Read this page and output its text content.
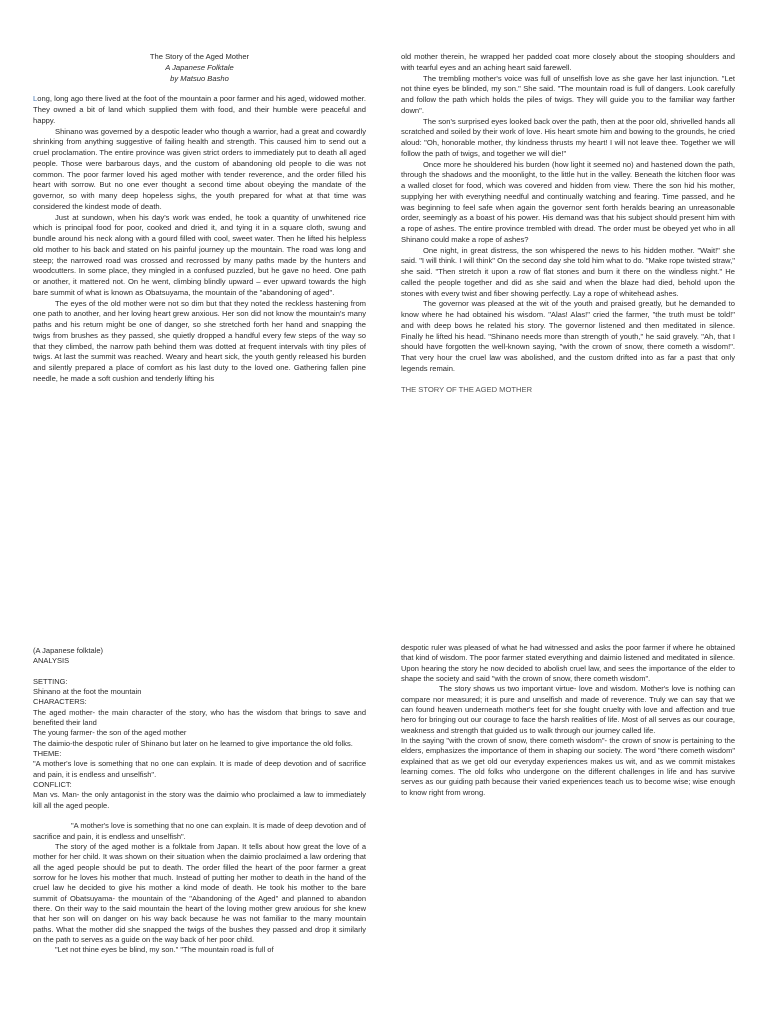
The Story of the Aged Mother

A Japanese Folktale

by Matsuo Basho

Long, long ago there lived at the foot of the mountain a poor farmer and his aged, widowed mother. They owned a bit of land which supplied them with food, and their humble were peaceful and happy.

Shinano was governed by a despotic leader who though a warrior, had a great and cowardly shrinking from anything suggestive of failing health and strength. This caused him to send out a cruel proclamation. The entire province was given strict orders to immediately put to death all aged people. Those were barbarous days, and the custom of abandoning old people to die was not common. The poor farmer loved his aged mother with tender reverence, and the order filled his heart with sorrow. But no one ever thought a second time about obeying the mandate of the governor, so with many deep hopeless sighs, the youth prepared for what at that time was considered the kindest mode of death.

Just at sundown, when his day's work was ended, he took a quantity of unwhitened rice which is principal food for poor, cooked and dried it, and tying it in a square cloth, swung and bundle around his neck along with a gourd filled with cool, sweet water. Then he lifted his helpless old mother to his back and stated on his painful journey up the mountain. The road was long and steep; the narrowed road was crossed and recrossed by many paths made by the hunters and woodcutters. In some place, they mingled in a confused puzzled, but he gave no heed. One path or another, it mattered not. On he went, climbing blindly upward – ever upward towards the high bare summit of what is known as Obatsuyama, the mountain of the "abandoning of aged".

The eyes of the old mother were not so dim but that they noted the reckless hastening from one path to another, and her loving heart grew anxious. Her son did not know the mountain's many paths and his return might be one of danger, so she stretched forth her hand and snapping the twigs from brushes as they passed, she quietly dropped a handful every few steps of the way so that they climbed, the narrow path behind them was dotted at frequent intervals with tiny piles of twigs. At last the summit was reached. Weary and heart sick, the youth gently released his burden and silently prepared a place of comfort as his last duty to the loved one. Gathering fallen pine needle, he made a soft cushion and tenderly lifting his

old mother therein, he wrapped her padded coat more closely about the stooping shoulders and with tearful eyes and an aching heart said farewell.

The trembling mother's voice was full of unselfish love as she gave her last injunction. "Let not thine eyes be blinded, my son." She said. "The mountain road is full of dangers. Look carefully and follow the path which holds the piles of twigs. They will guide you to the familiar way farther down".

The son's surprised eyes looked back over the path, then at the poor old, shrivelled hands all scratched and soiled by their work of love. His heart smote him and bowing to the grounds, he cried aloud: "Oh, honorable mother, thy kindness thrusts my heart! I will not leave thee. Together we will follow the path of twigs, and together we will die!"

Once more he shouldered his burden (how light it seemed no) and hastened down the path, through the shadows and the moonlight, to the little hut in the valley. Beneath the kitchen floor was a walled closet for food, which was covered and hidden from view. There the son hid his mother, supplying her with everything needful and continually watching and fearing. Time passed, and he was beginning to feel safe when again the governor sent forth heralds bearing an unreasonable order, seemingly as a boast of his power. His demand was that his subject should present him with a rope of ashes. The entire province trembled with dread. The order must be obeyed yet who in all Shinano could make a rope of ashes?

One night, in great distress, the son whispered the news to his hidden mother. "Wait!" she said. "I will think. I will think" On the second day she told him what to do. "Make rope twisted straw," she said. "Then stretch it upon a row of flat stones and burn it there on the windless night." He called the people together and did as she said and when the blaze had died, behold upon the stones with every twist and fiber showing perfectly. Lay a rope of whitehead ashes.

The governor was pleased at the wit of the youth and praised greatly, but he demanded to know where he had obtained his wisdom. "Alas! Alas!" cried the farmer, "the truth must be told!" and with deep bows he related his story. The governor listened and then meditated in silence. Finally he lifted his head. "Shinano needs more than strength of youth," he said gravely. "Ah, that I should have forgotten the well-known saying, "with the crown of snow, there cometh a wisdom!". That very hour the cruel law was abolished, and the custom drifted into as far a past that only legends remain.

THE STORY OF THE AGED MOTHER

(A Japanese folktale)

ANALYSIS

SETTING:

Shinano at the foot the mountain

CHARACTERS:

The aged mother- the main character of the story, who has the wisdom that brings to save and benefited their land

The young farmer- the son of the aged mother

The daimio-the despotic ruler of Shinano but later on he learned to give importance the old folks.

THEME:

"A mother's love is something that no one can explain. It is made of deep devotion and of sacrifice and pain, it is endless and unselfish".

CONFLICT:

Man vs. Man- the only antagonist in the story was the daimio who proclaimed a law to immediately kill all the aged people.

"A mother's love is something that no one can explain. It is made of deep devotion and of sacrifice and pain, it is endless and unselfish".

The story of the aged mother is a folktale from Japan. It tells about how great the love of a mother for her child. It was shown on their situation when the daimio proclaimed a law ordering that all the aged people should be put to death. The order filled the heart of the poor farmer a great sorrow for he loves his mother that much. Instead of putting her mother to death in the hand of the cruel law he decided to give his mother a kind mode of death. He took his mother to the bare summit of Obatsuyama- the mountain of the "Abandoning of the Aged" and planned to abandon there. On their way to the said mountain the heart of the loving mother grew anxious for she knew that her son will on danger on his way back because he was not familiar to the many mountain paths. What the mother did she snapped the twigs of the bushes they passed and drop it similarly on the path to serves as a guide on the way back of her poor child.

"Let not thine eyes be blind, my son." "The mountain road is full of

despotic ruler was pleased of what he had witnessed and asks the poor farmer if where he obtained that kind of wisdom. The poor farmer stated everything and daimio listened and meditated in silence. Upon hearing the story he now decided to abolish cruel law, and sees the importance of the elder to shape the society and said "with the crown of snow, there cometh wisdom".

The story shows us two important virtue- love and wisdom. Mother's love is nothing can compare nor measured; it is pure and unselfish and made of reverence. Truly we can say that we can found heaven underneath mother's feet for she fought cruelty with love and affection and true hero for bringing out our courage to face the harsh realities of life. Most of all serves as our courage, weakness and strength that guided us to walk through our journey called life.

In the saying "with the crown of snow, there cometh wisdom"- the crown of snow is pertaining to the elders, emphasizes the importance of them in shaping our society. The word "there cometh wisdom" explained that as we get old our everyday experiences makes us wit, and as we commit mistakes learning comes. The old folks who undergone on the different challenges in life and has survive serves as our guiding path because their varied experiences teach us to become wise; wise enough to know right from wrong.
